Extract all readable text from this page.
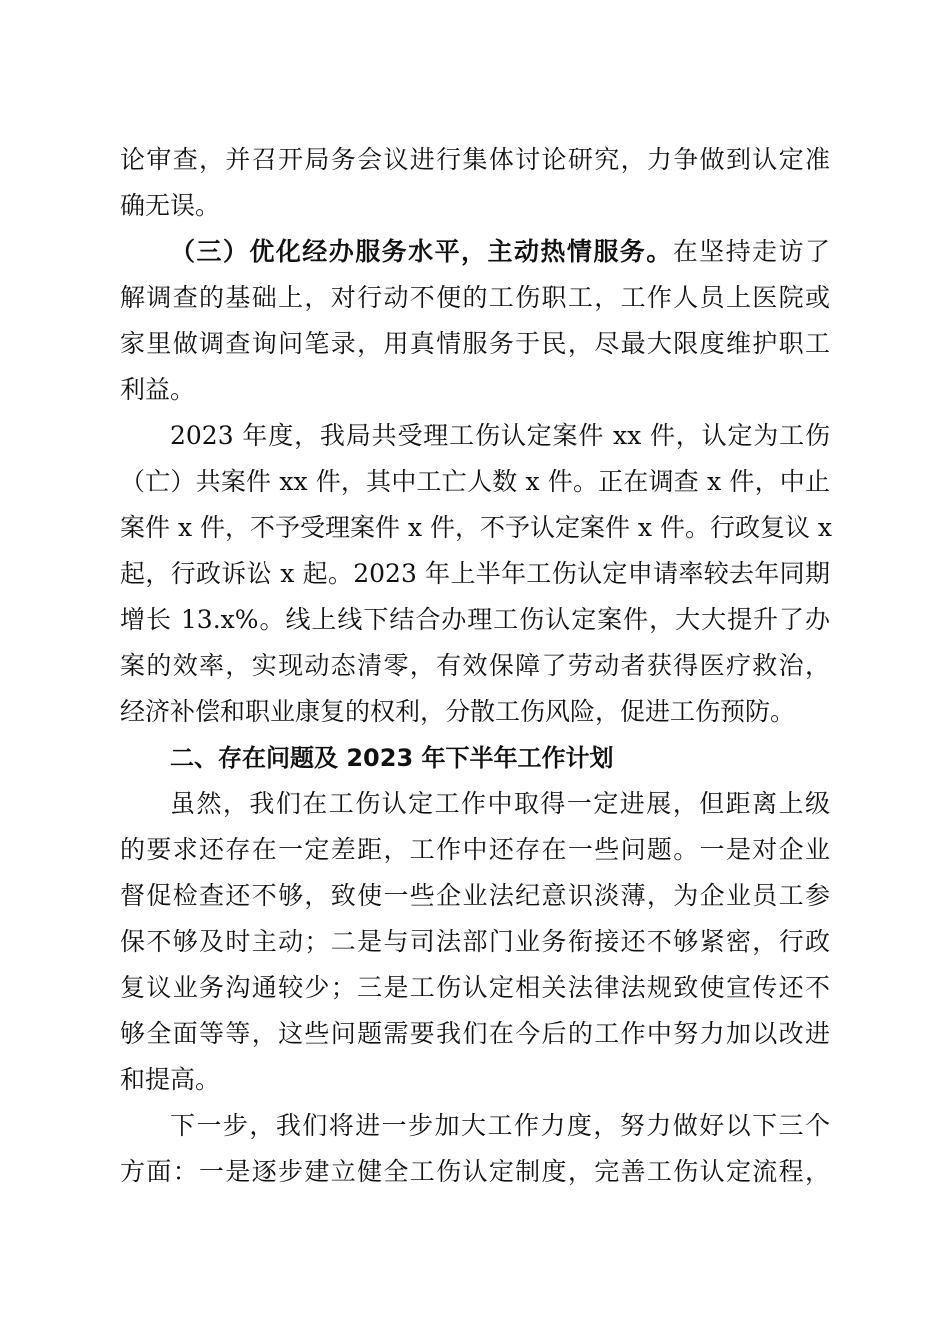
论审查，并召开局务会议进行集体讨论研究，力争做到认定准

确无误。

（三）优化经办服务水平，主动热情服务。在坚持走访了

解调查的基础上，对行动不便的工伤职工，工作人员上医院或

家里做调查询问笔录，用真情服务于民，尽最大限度维护职工

利益。

2023 年度，我局共受理工伤认定案件 xx 件，认定为工伤

（亡）共案件 xx 件，其中工亡人数 x 件。正在调查 x 件，中止

案件 x 件，不予受理案件 x 件，不予认定案件 x 件。行政复议 x

起，行政诉讼 x 起。2023 年上半年工伤认定申请率较去年同期

增长 13.x%。线上线下结合办理工伤认定案件，大大提升了办

案的效率，实现动态清零，有效保障了劳动者获得医疗救治，

经济补偿和职业康复的权利，分散工伤风险，促进工伤预防。

二、存在问题及 2023 年下半年工作计划

虽然，我们在工伤认定工作中取得一定进展，但距离上级

的要求还存在一定差距，工作中还存在一些问题。一是对企业

督促检查还不够，致使一些企业法纪意识淡薄，为企业员工参

保不够及时主动；二是与司法部门业务衔接还不够紧密，行政

复议业务沟通较少；三是工伤认定相关法律法规致使宣传还不

够全面等等，这些问题需要我们在今后的工作中努力加以改进

和提高。

下一步，我们将进一步加大工作力度，努力做好以下三个

方面：一是逐步建立健全工伤认定制度，完善工伤认定流程，
